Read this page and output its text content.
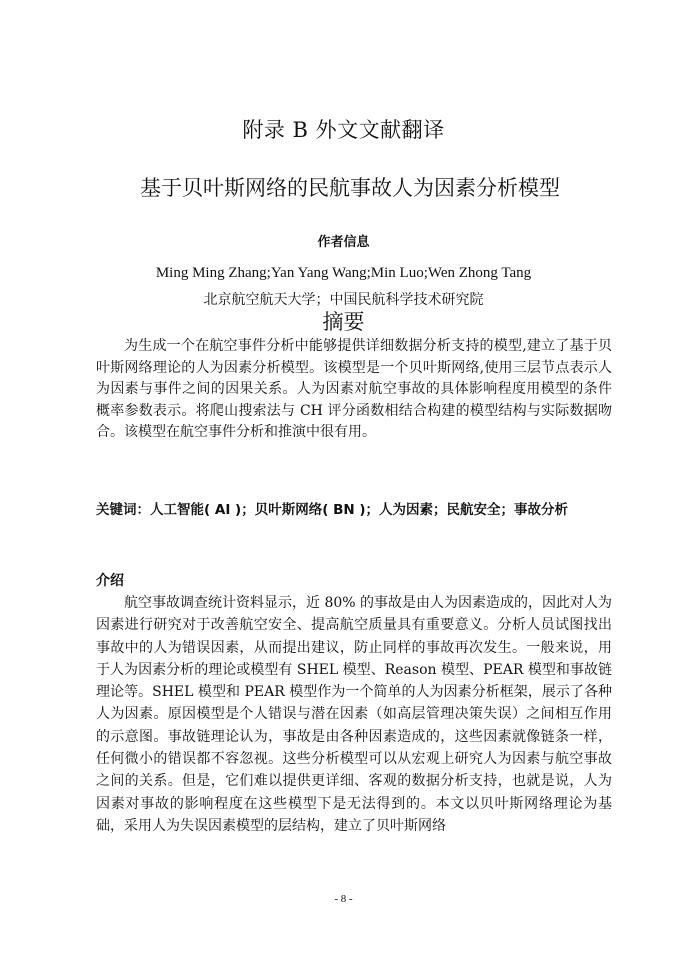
附录 B 外文文献翻译
基于贝叶斯网络的民航事故人为因素分析模型
作者信息
Ming Ming Zhang;Yan Yang Wang;Min Luo;Wen Zhong Tang
北京航空航天大学；中国民航科学技术研究院
摘要

为生成一个在航空事件分析中能够提供详细数据分析支持的模型,建立了基于贝叶斯网络理论的人为因素分析模型。该模型是一个贝叶斯网络,使用三层节点表示人为因素与事件之间的因果关系。人为因素对航空事故的具体影响程度用模型的条件概率参数表示。将爬山搜索法与 CH 评分函数相结合构建的模型结构与实际数据吻合。该模型在航空事件分析和推演中很有用。

关键词：人工智能( AI )；贝叶斯网络( BN )；人为因素；民航安全；事故分析

介绍

航空事故调查统计资料显示，近 80% 的事故是由人为因素造成的，因此对人为因素进行研究对于改善航空安全、提高航空质量具有重要意义。分析人员试图找出事故中的人为错误因素，从而提出建议，防止同样的事故再次发生。一般来说，用于人为因素分析的理论或模型有 SHEL 模型、Reason 模型、PEAR 模型和事故链理论等。SHEL 模型和 PEAR 模型作为一个简单的人为因素分析框架，展示了各种人为因素。原因模型是个人错误与潜在因素（如高层管理决策失误）之间相互作用的示意图。事故链理论认为，事故是由各种因素造成的，这些因素就像链条一样，任何微小的错误都不容忽视。这些分析模型可以从宏观上研究人为因素与航空事故之间的关系。但是，它们难以提供更详细、客观的数据分析支持，也就是说，人为因素对事故的影响程度在这些模型下是无法得到的。本文以贝叶斯网络理论为基础，采用人为失误因素模型的层结构，建立了贝叶斯网络

- 8 -
